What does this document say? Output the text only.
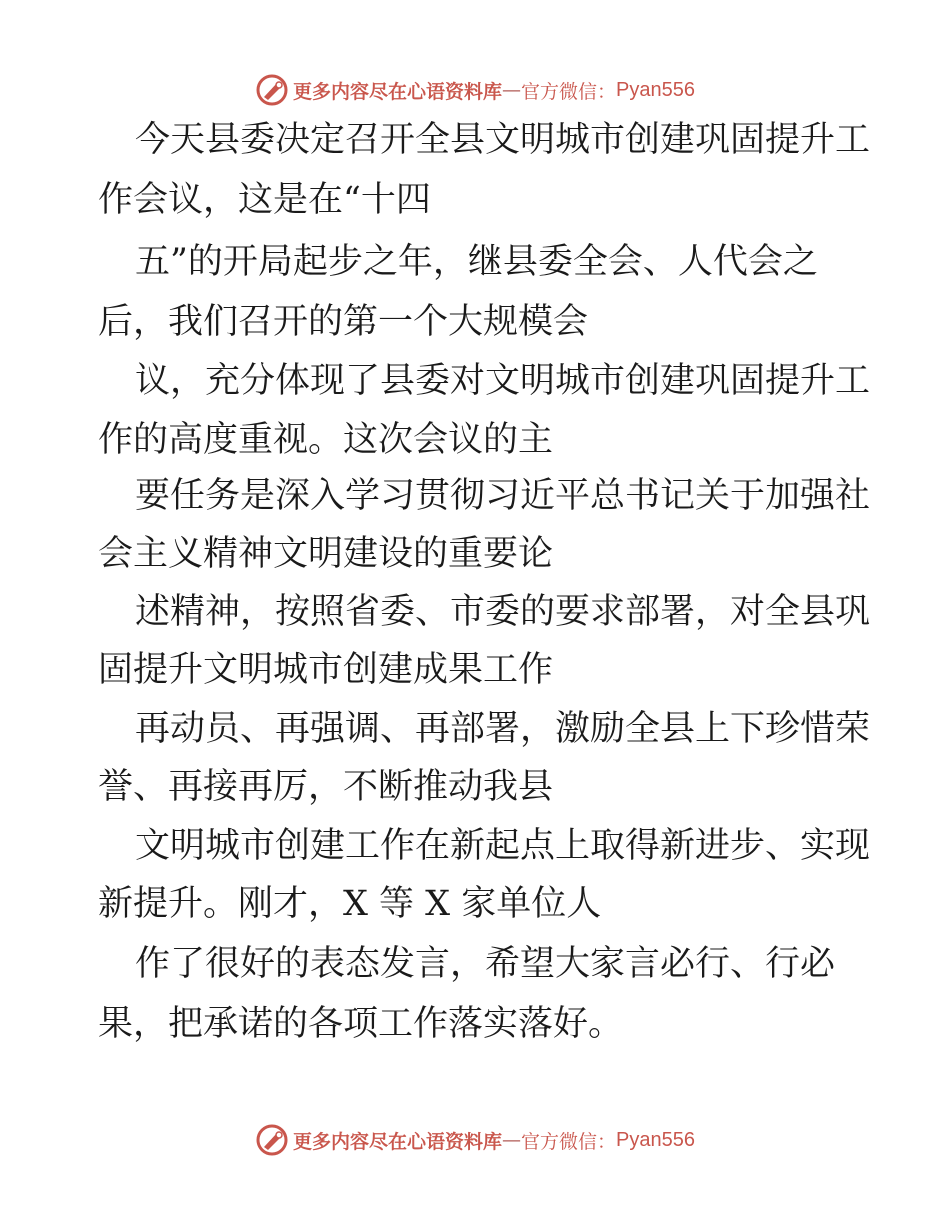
更多内容尽在心语资料库 — 官方微信： Pyan556
今天县委决定召开全县文明城市创建巩固提升工
作会议，这是在“十四
五”的开局起步之年，继县委全会、人代会之
后，我们召开的第一个大规模会
议，充分体现了县委对文明城市创建巩固提升工
作的高度重视。这次会议的主
要任务是深入学习贯彻习近平总书记关于加强社
会主义精神文明建设的重要论
述精神，按照省委、市委的要求部署，对全县巩
固提升文明城市创建成果工作
再动员、再强调、再部署，激励全县上下珍惜荣
誉、再接再厉，不断推动我县
文明城市创建工作在新起点上取得新进步、实现
新提升。刚才，X 等 X 家单位人
作了很好的表态发言，希望大家言必行、行必
果，把承诺的各项工作落实落好。
更多内容尽在心语资料库 — 官方微信： Pyan556
